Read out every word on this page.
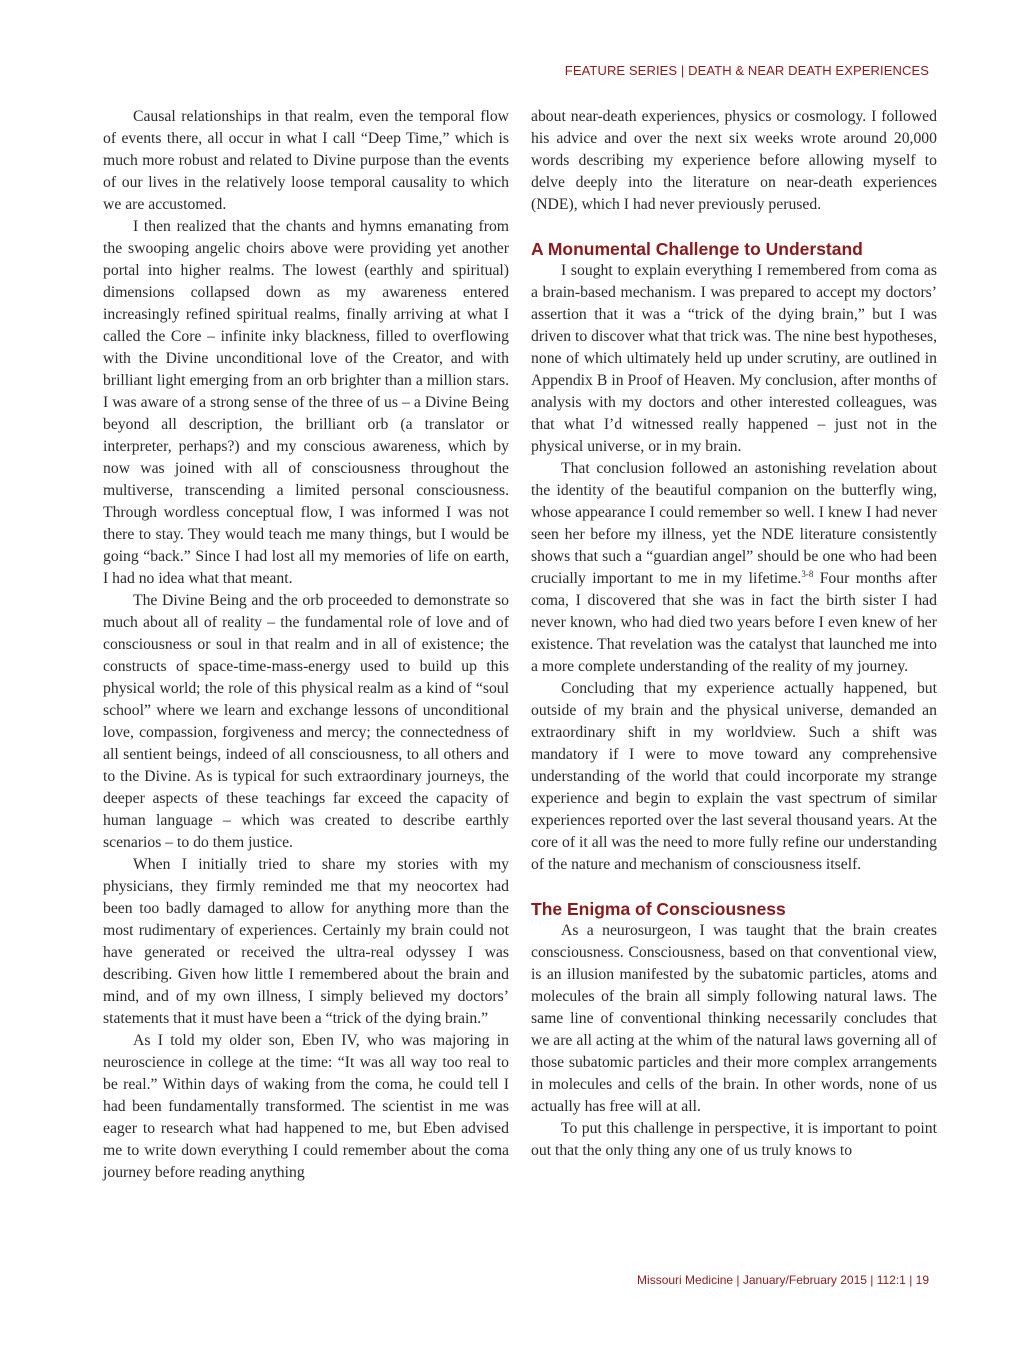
FEATURE SERIES | DEATH & NEAR DEATH EXPERIENCES

Causal relationships in that realm, even the temporal flow of events there, all occur in what I call “Deep Time,” which is much more robust and related to Divine purpose than the events of our lives in the relatively loose temporal causality to which we are accustomed.

I then realized that the chants and hymns emanating from the swooping angelic choirs above were providing yet another portal into higher realms. The lowest (earthly and spiritual) dimensions collapsed down as my awareness entered increasingly refined spiritual realms, finally arriving at what I called the Core – infinite inky blackness, filled to overflowing with the Divine unconditional love of the Creator, and with brilliant light emerging from an orb brighter than a million stars. I was aware of a strong sense of the three of us – a Divine Being beyond all description, the brilliant orb (a translator or interpreter, perhaps?) and my conscious awareness, which by now was joined with all of consciousness throughout the multiverse, transcending a limited personal consciousness. Through wordless conceptual flow, I was informed I was not there to stay. They would teach me many things, but I would be going “back.” Since I had lost all my memories of life on earth, I had no idea what that meant.

The Divine Being and the orb proceeded to demonstrate so much about all of reality – the fundamental role of love and of consciousness or soul in that realm and in all of existence; the constructs of space-time-mass-energy used to build up this physical world; the role of this physical realm as a kind of “soul school” where we learn and exchange lessons of unconditional love, compassion, forgiveness and mercy; the connectedness of all sentient beings, indeed of all consciousness, to all others and to the Divine. As is typical for such extraordinary journeys, the deeper aspects of these teachings far exceed the capacity of human language – which was created to describe earthly scenarios – to do them justice.

When I initially tried to share my stories with my physicians, they firmly reminded me that my neocortex had been too badly damaged to allow for anything more than the most rudimentary of experiences. Certainly my brain could not have generated or received the ultra-real odyssey I was describing. Given how little I remembered about the brain and mind, and of my own illness, I simply believed my doctors’ statements that it must have been a “trick of the dying brain.”

As I told my older son, Eben IV, who was majoring in neuroscience in college at the time: “It was all way too real to be real.” Within days of waking from the coma, he could tell I had been fundamentally transformed. The scientist in me was eager to research what had happened to me, but Eben advised me to write down everything I could remember about the coma journey before reading anything

about near-death experiences, physics or cosmology. I followed his advice and over the next six weeks wrote around 20,000 words describing my experience before allowing myself to delve deeply into the literature on near-death experiences (NDE), which I had never previously perused.

A Monumental Challenge to Understand

I sought to explain everything I remembered from coma as a brain-based mechanism. I was prepared to accept my doctors’ assertion that it was a “trick of the dying brain,” but I was driven to discover what that trick was. The nine best hypotheses, none of which ultimately held up under scrutiny, are outlined in Appendix B in Proof of Heaven. My conclusion, after months of analysis with my doctors and other interested colleagues, was that what I’d witnessed really happened – just not in the physical universe, or in my brain.

That conclusion followed an astonishing revelation about the identity of the beautiful companion on the butterfly wing, whose appearance I could remember so well. I knew I had never seen her before my illness, yet the NDE literature consistently shows that such a “guardian angel” should be one who had been crucially important to me in my lifetime.$^{3-8}$ Four months after coma, I discovered that she was in fact the birth sister I had never known, who had died two years before I even knew of her existence. That revelation was the catalyst that launched me into a more complete understanding of the reality of my journey.

Concluding that my experience actually happened, but outside of my brain and the physical universe, demanded an extraordinary shift in my worldview. Such a shift was mandatory if I were to move toward any comprehensive understanding of the world that could incorporate my strange experience and begin to explain the vast spectrum of similar experiences reported over the last several thousand years. At the core of it all was the need to more fully refine our understanding of the nature and mechanism of consciousness itself.

The Enigma of Consciousness

As a neurosurgeon, I was taught that the brain creates consciousness. Consciousness, based on that conventional view, is an illusion manifested by the subatomic particles, atoms and molecules of the brain all simply following natural laws. The same line of conventional thinking necessarily concludes that we are all acting at the whim of the natural laws governing all of those subatomic particles and their more complex arrangements in molecules and cells of the brain. In other words, none of us actually has free will at all.

To put this challenge in perspective, it is important to point out that the only thing any one of us truly knows to

Missouri Medicine | January/February 2015 | 112:1 | 19
